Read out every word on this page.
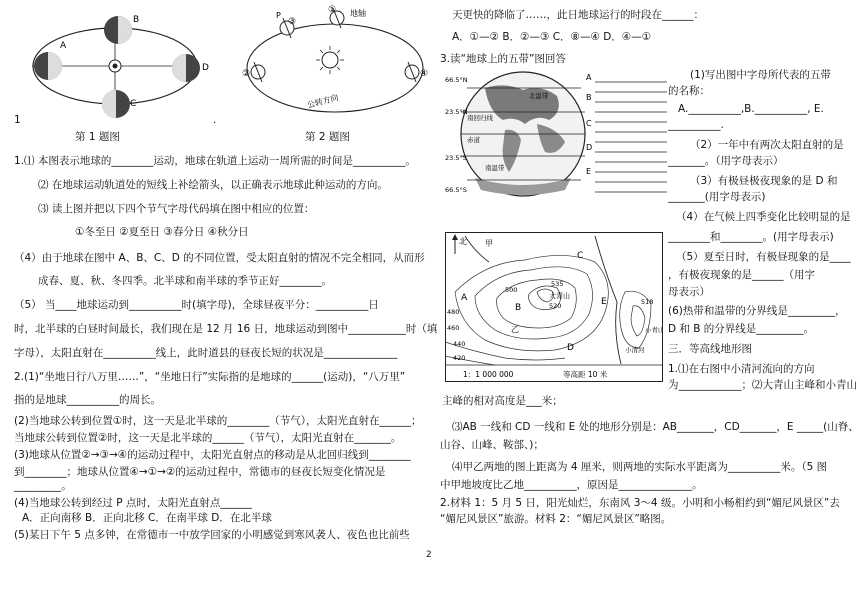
A
B
D
C
1
第 1 题图
地轴
P
①
②	④
③
公转方向
第 2 题图
.
1.⑴ 本图表示地球的________运动，地球在轨道上运动一周所需的时间是__________。
⑵ 在地球运动轨道处的短线上补绘箭头，以正确表示地球此种运动的方向。
⑶ 读上图并把以下四个节气字母代码填在图中相应的位置：
①冬至日 ②夏至日 ③春分日 ④秋分日
（4）由于地球在图中 A、B、C、D 的不同位置，受太阳直射的情况不完全相同，从而形
成春、夏、秋、冬四季。北半球和南半球的季节正好________。
（5） 当____地球运动到__________时(填字母)，全球昼夜平分：__________日
时，北半球的白昼时间最长，我们现在是 12 月 16 日，地球运动到图中___________时（填
字母），太阳直射在__________线上，此时道县的昼夜长短的状况是______________
2.(1)“坐地日行八万里……”，“坐地日行”实际指的是地球的______(运动)，“八万里”
指的是地球__________的周长。
(2)当地球公转到位置①时，这一天是北半球的________（节气），太阳光直射在______；
当地球公转到位置②时，这一天是北半球的______（节气），太阳光直射在_______。
(3)地球从位置②→③→④的运动过程中，太阳光直射点的移动是从北回归线到________
到________；地球从位置④→①→②的运动过程中，常德市的昼夜长短变化情况是
_________。
(4)当地球公转到经过 P 点时，太阳光直射点______
A．正向南移 B．正向北移 C．在南半球 D．在北半球
(5)某日下午 5 点多钟，在常德市一中放学回家的小明感觉到寒风袭人、夜色也比前些
天更快的降临了……，此日地球运行的时段在______：
A．①—② B．②—③ C．⑧—④ D．④—①
3.读“地球上的五带”图回答
66.5°N
23.5°N
23.5°S
66.5°S
A
B
C
D
E
北温带
南回归线
赤道
南温带
(1)写出图中字母所代表的五带
的名称：
A.__________,B.__________, E.
__________.
（2）一年中有两次太阳直射的是
_______。（用字母表示）
（3）有极昼极夜现象的是 D 和
_______(用字母表示)
（4）在气候上四季变化比较明显的是
________和________。(用字母表示)
（5）夏至日时，有极昼现象的是____
，有极夜现象的是______（用字
母表示）
(6)热带和温带的分界线是_________，
D 和 B 的分界线是_________。
三．等高线地形图
1.⑴在右图中小清河流向的方向
为____________；⑵大青山主峰和小青山
北 甲
乙
大青山
小青山
小清河
A
B
C
D
E
535
520	518
500
480
460
440
420
1：1 000 000	等高距 10 米
主峰的相对高度是___米；
⑶AB 一线和 CD 一线和 E 处的地形分别是：AB_______，CD_______，E _____(山脊、
山谷、山峰、鞍部、)；
⑷甲乙两地的图上距离为 4 厘米，则两地的实际水平距离为__________米。（5 图
中甲地坡度比乙地__________，原因是______________。
2.材料 1：5 月 5 日，阳光灿烂，东南风 3～4 级。小明和小畅相约到“媚尼风景区”去
“媚尼风景区”旅游。材料 2：“媚尼风景区”略图。
2
